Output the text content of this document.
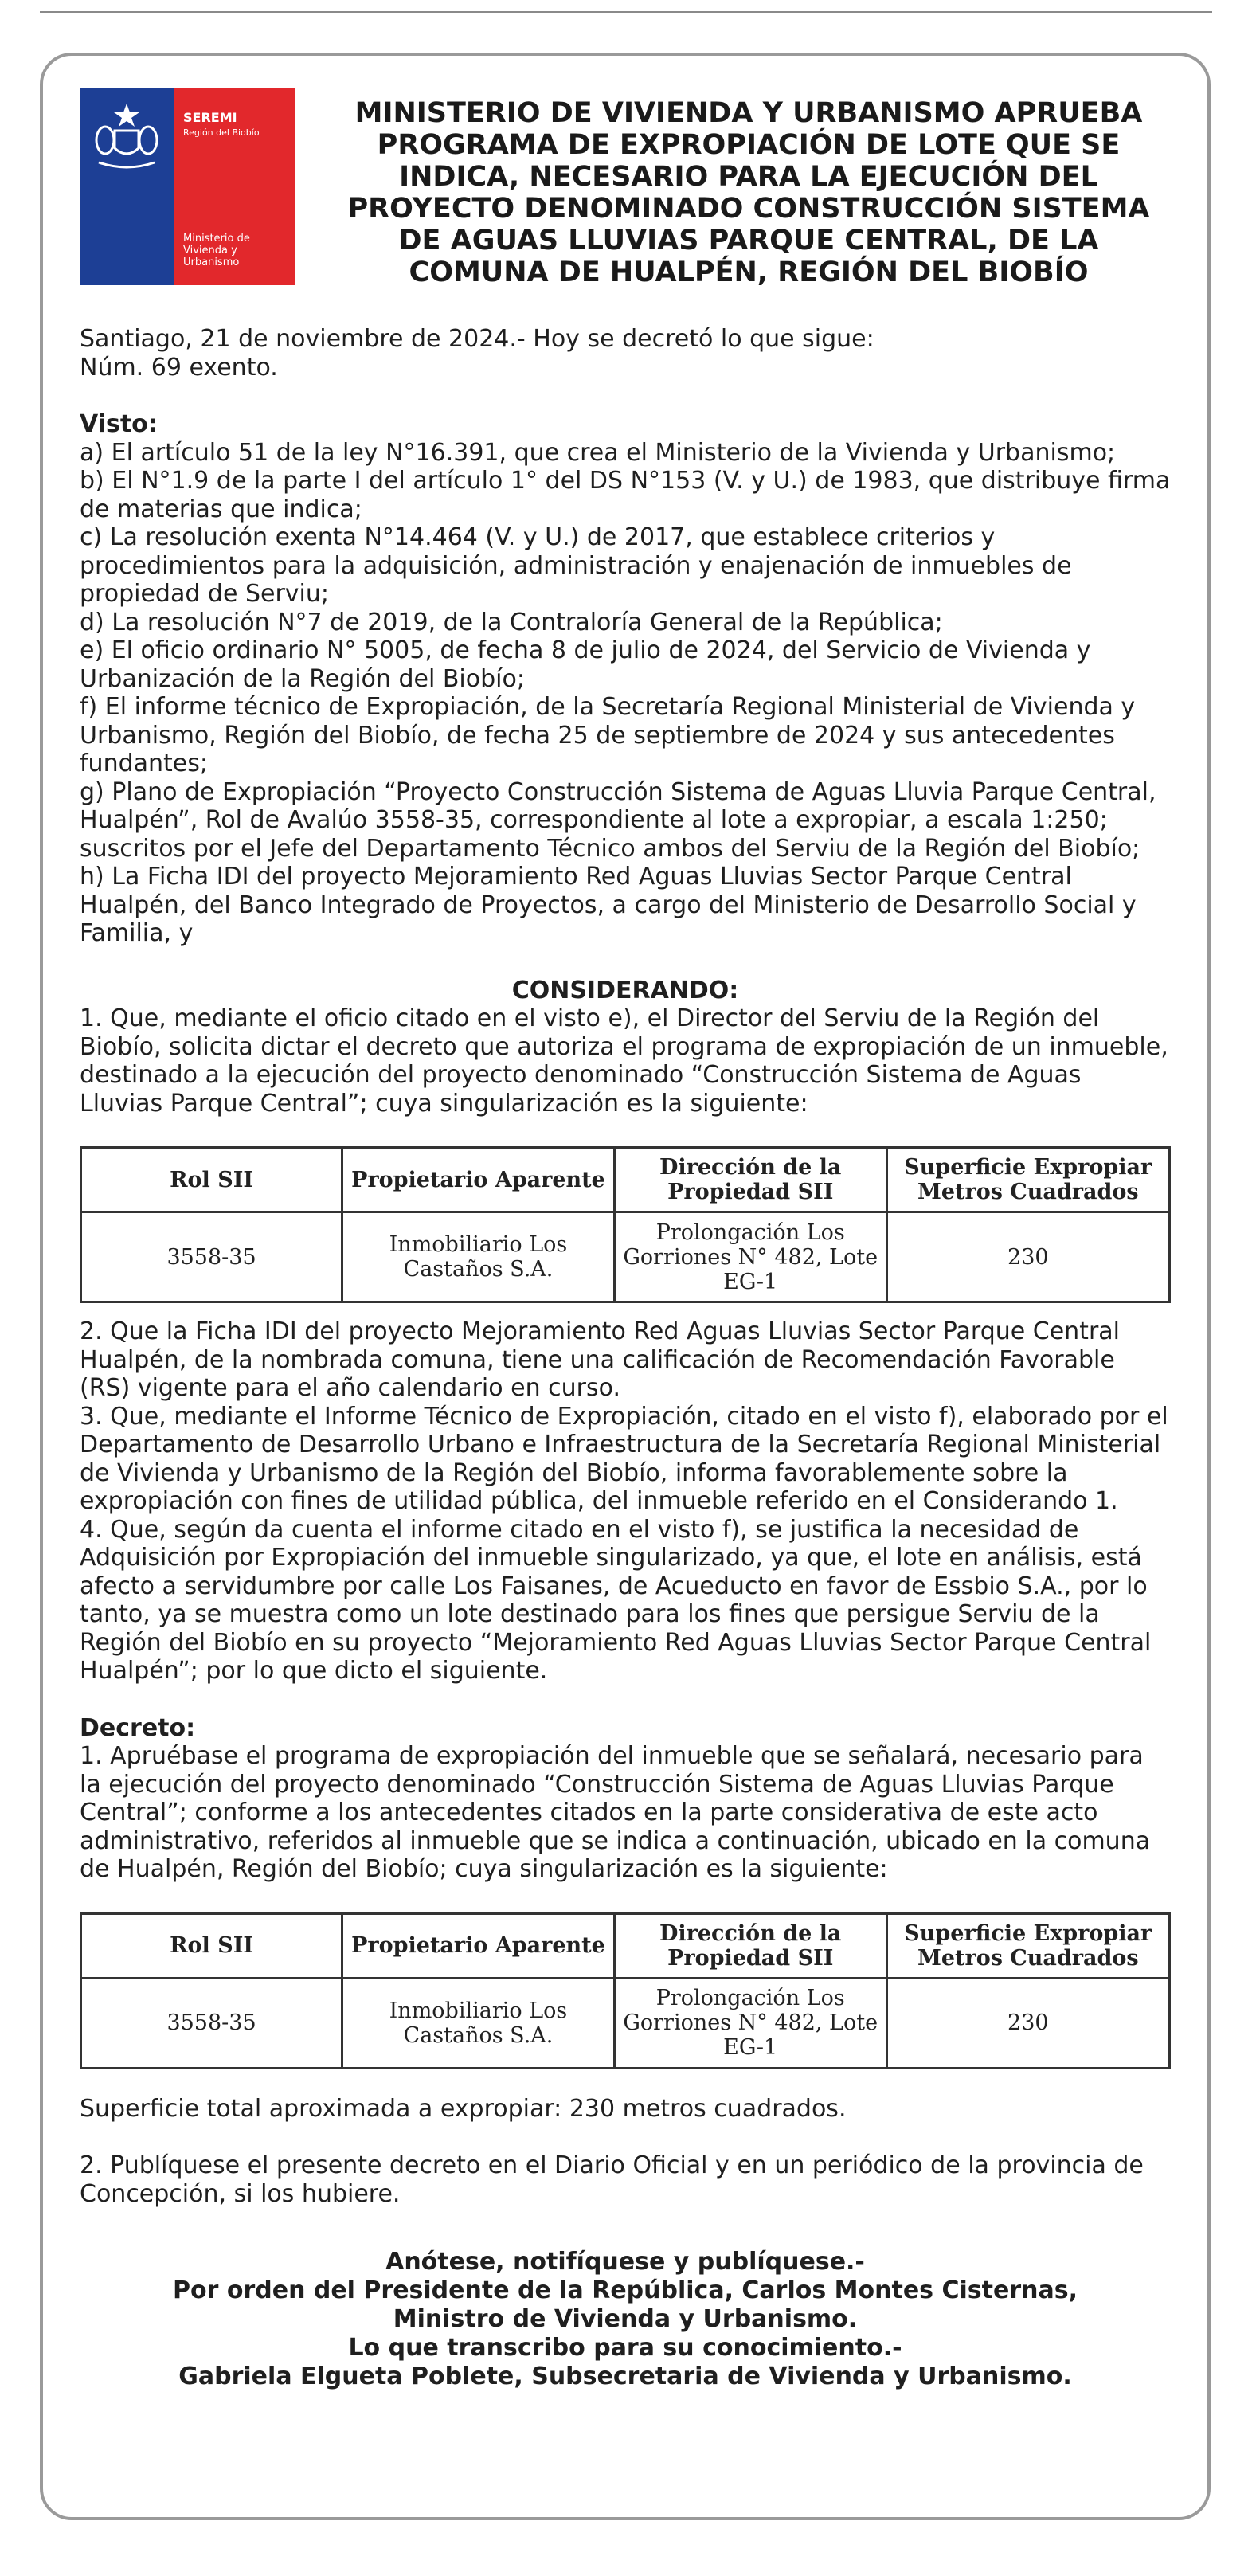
SEREMI
Región del Biobío
Ministerio de
Vivienda y
Urbanismo
MINISTERIO DE VIVIENDA Y URBANISMO APRUEBA PROGRAMA DE EXPROPIACIÓN DE LOTE QUE SE INDICA, NECESARIO PARA LA EJECUCIÓN DEL PROYECTO DENOMINADO CONSTRUCCIÓN SISTEMA DE AGUAS LLUVIAS PARQUE CENTRAL, DE LA COMUNA DE HUALPÉN, REGIÓN DEL BIOBÍO

Santiago, 21 de noviembre de 2024.- Hoy se decretó lo que sigue:

Núm. 69 exento.

Visto:

a) El artículo 51 de la ley N°16.391, que crea el Ministerio de la Vivienda y Urbanismo;

b) El N°1.9 de la parte I del artículo 1° del DS N°153 (V. y U.) de 1983, que distribuye firma de materias que indica;

c) La resolución exenta N°14.464 (V. y U.) de 2017, que establece criterios y procedimientos para la adquisición, administración y enajenación de inmuebles de propiedad de Serviu;

d) La resolución N°7 de 2019, de la Contraloría General de la República;

e) El oficio ordinario N° 5005, de fecha 8 de julio de 2024, del Servicio de Vivienda y Urbanización de la Región del Biobío;

f) El informe técnico de Expropiación, de la Secretaría Regional Ministerial de Vivienda y Urbanismo, Región del Biobío, de fecha 25 de septiembre de 2024 y sus antecedentes fundantes;

g) Plano de Expropiación “Proyecto Construcción Sistema de Aguas Lluvia Parque Central, Hualpén”, Rol de Avalúo 3558-35, correspondiente al lote a expropiar, a escala 1:250; suscritos por el Jefe del Departamento Técnico ambos del Serviu de la Región del Biobío;

h) La Ficha IDI del proyecto Mejoramiento Red Aguas Lluvias Sector Parque Central Hualpén, del Banco Integrado de Proyectos, a cargo del Ministerio de Desarrollo Social y Familia, y

CONSIDERANDO:

1. Que, mediante el oficio citado en el visto e), el Director del Serviu de la Región del Biobío, solicita dictar el decreto que autoriza el programa de expropiación de un inmueble, destinado a la ejecución del proyecto denominado “Construcción Sistema de Aguas Lluvias Parque Central”; cuya singularización es la siguiente:

Rol SII	Propietario Aparente	Dirección de la Propiedad SII	Superficie Expropiar Metros Cuadrados
3558-35	Inmobiliario Los Castaños S.A.	Prolongación Los Gorriones N° 482, Lote EG-1	230

2. Que la Ficha IDI del proyecto Mejoramiento Red Aguas Lluvias Sector Parque Central Hualpén, de la nombrada comuna, tiene una calificación de Recomendación Favorable (RS) vigente para el año calendario en curso.

3. Que, mediante el Informe Técnico de Expropiación, citado en el visto f), elaborado por el Departamento de Desarrollo Urbano e Infraestructura de la Secretaría Regional Ministerial de Vivienda y Urbanismo de la Región del Biobío, informa favorablemente sobre la expropiación con fines de utilidad pública, del inmueble referido en el Considerando 1.

4. Que, según da cuenta el informe citado en el visto f), se justifica la necesidad de Adquisición por Expropiación del inmueble singularizado, ya que, el lote en análisis, está afecto a servidumbre por calle Los Faisanes, de Acueducto en favor de Essbio S.A., por lo tanto, ya se muestra como un lote destinado para los fines que persigue Serviu de la Región del Biobío en su proyecto “Mejoramiento Red Aguas Lluvias Sector Parque Central Hualpén”; por lo que dicto el siguiente.

Decreto:

1. Apruébase el programa de expropiación del inmueble que se señalará, necesario para la ejecución del proyecto denominado “Construcción Sistema de Aguas Lluvias Parque Central”; conforme a los antecedentes citados en la parte considerativa de este acto administrativo, referidos al inmueble que se indica a continuación, ubicado en la comuna de Hualpén, Región del Biobío; cuya singularización es la siguiente:

Rol SII	Propietario Aparente	Dirección de la Propiedad SII	Superficie Expropiar Metros Cuadrados
3558-35	Inmobiliario Los Castaños S.A.	Prolongación Los Gorriones N° 482, Lote EG-1	230

Superficie total aproximada a expropiar: 230 metros cuadrados.

2. Publíquese el presente decreto en el Diario Oficial y en un periódico de la provincia de Concepción, si los hubiere.

Anótese, notifíquese y publíquese.-
Por orden del Presidente de la República, Carlos Montes Cisternas,
Ministro de Vivienda y Urbanismo.
Lo que transcribo para su conocimiento.-
Gabriela Elgueta Poblete, Subsecretaria de Vivienda y Urbanismo.
